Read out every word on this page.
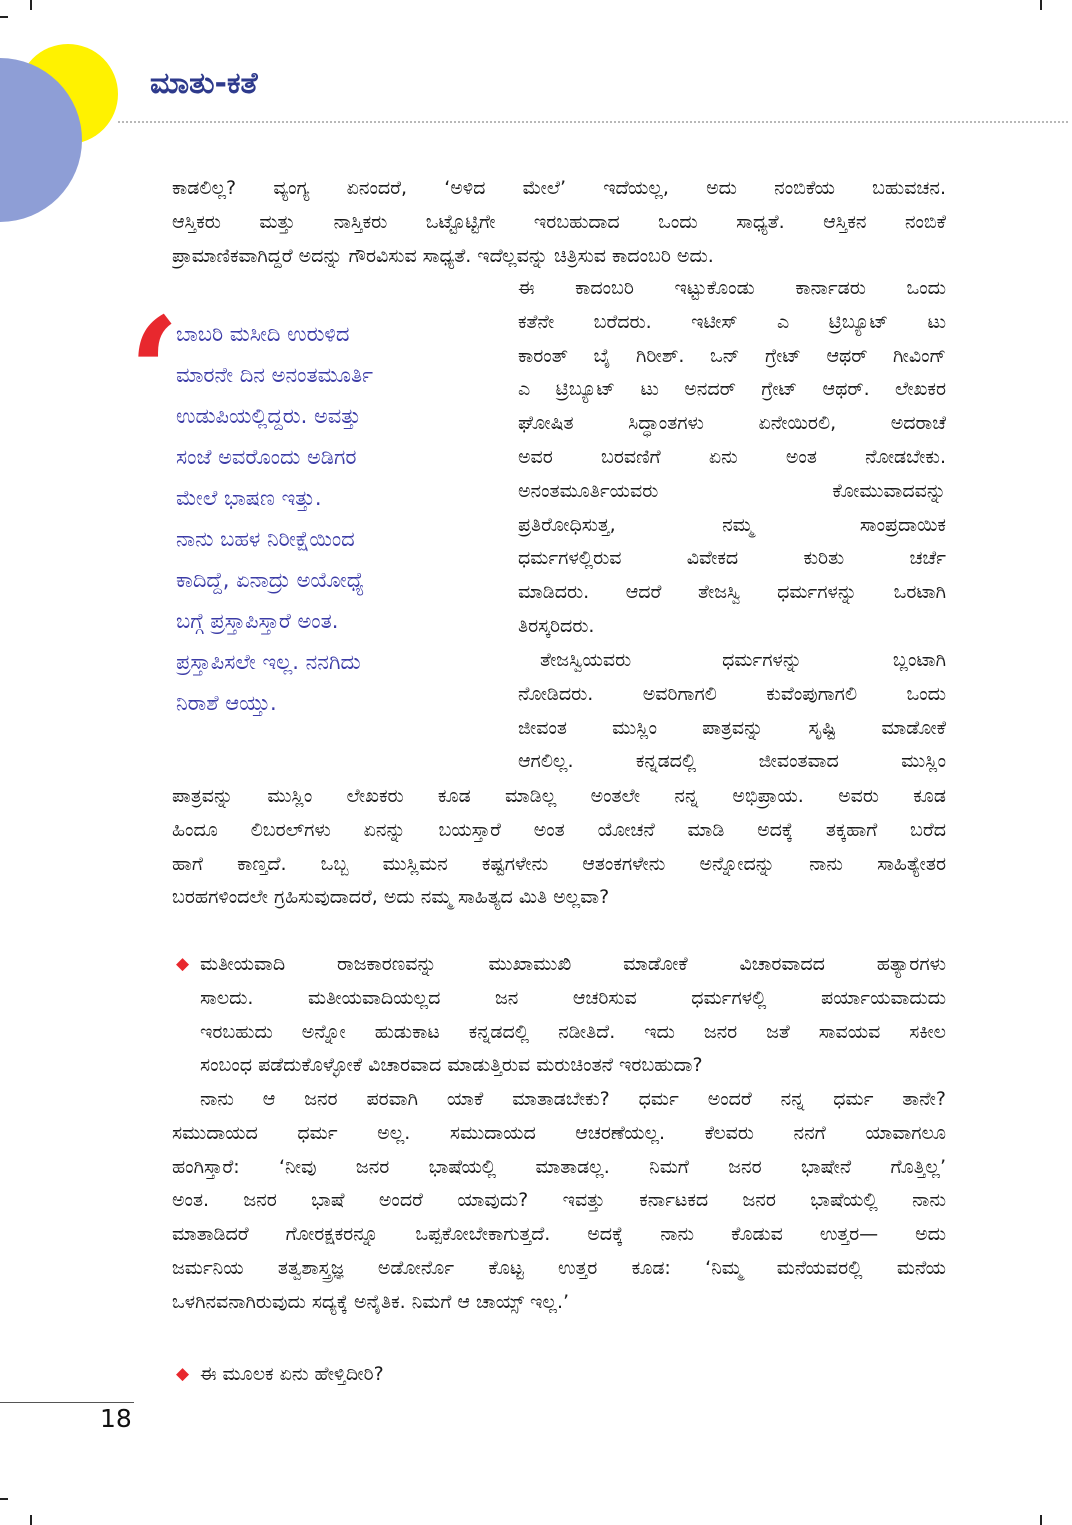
ಮಾತು-ಕತೆ
ಕಾಡಲಿಲ್ಲ? ವ್ಯಂಗ್ಯ ಏನಂದರೆ, ‘ಅಳಿದ ಮೇಲೆ’ ಇದೆಯಲ್ಲ, ಅದು ನಂಬಿಕೆಯ ಬಹುವಚನ.
ಆಸ್ತಿಕರು ಮತ್ತು ನಾಸ್ತಿಕರು ಒಟ್ಟೊಟ್ಟಿಗೇ ಇರಬಹುದಾದ ಒಂದು ಸಾಧ್ಯತೆ. ಆಸ್ತಿಕನ ನಂಬಿಕೆ
ಪ್ರಾಮಾಣಿಕವಾಗಿದ್ದರೆ ಅದನ್ನು ಗೌರವಿಸುವ ಸಾಧ್ಯತೆ. ಇದೆಲ್ಲವನ್ನು ಚಿತ್ರಿಸುವ ಕಾದಂಬರಿ ಅದು.
‘
ಬಾಬರಿ ಮಸೀದಿ ಉರುಳಿದ
ಮಾರನೇ ದಿನ ಅನಂತಮೂರ್ತಿ
ಉಡುಪಿಯಲ್ಲಿದ್ದರು. ಅವತ್ತು
ಸಂಜೆ ಅವರೊಂದು ಅಡಿಗರ
ಮೇಲೆ ಭಾಷಣ ಇತ್ತು.
ನಾನು ಬಹಳ ನಿರೀಕ್ಷೆಯಿಂದ
ಕಾದಿದ್ದೆ, ಏನಾದ್ರು ಅಯೋಧ್ಯೆ
ಬಗ್ಗೆ ಪ್ರಸ್ತಾಪಿಸ್ತಾರೆ ಅಂತ.
ಪ್ರಸ್ತಾಪಿಸಲೇ ಇಲ್ಲ. ನನಗಿದು
ನಿರಾಶೆ ಆಯ್ತು.
ಈ ಕಾದಂಬರಿ ಇಟ್ಟುಕೊಂಡು ಕಾರ್ನಾಡರು ಒಂದು
ಕತೆನೇ ಬರೆದರು. ಇಟೀಸ್ ಎ ಟ್ರಿಬ್ಯೂಟ್ ಟು
ಕಾರಂತ್ ಬೈ ಗಿರೀಶ್. ಒನ್ ಗ್ರೇಟ್ ಆಥರ್ ಗೀವಿಂಗ್
ಎ ಟ್ರಿಬ್ಯೂಟ್ ಟು ಅನದರ್ ಗ್ರೇಟ್ ಆಥರ್. ಲೇಖಕರ
ಘೋಷಿತ ಸಿದ್ಧಾಂತಗಳು ಏನೇಯಿರಲಿ, ಅದರಾಚೆ
ಅವರ ಬರವಣಿಗೆ ಏನು ಅಂತ ನೋಡಬೇಕು.
ಅನಂತಮೂರ್ತಿಯವರು ಕೋಮುವಾದವನ್ನು
ಪ್ರತಿರೋಧಿಸುತ್ತ, ನಮ್ಮ ಸಾಂಪ್ರದಾಯಿಕ
ಧರ್ಮಗಳಲ್ಲಿರುವ ವಿವೇಕದ ಕುರಿತು ಚರ್ಚೆ
ಮಾಡಿದರು. ಆದರೆ ತೇಜಸ್ವಿ ಧರ್ಮಗಳನ್ನು ಒರಟಾಗಿ
ತಿರಸ್ಕರಿದರು.
ತೇಜಸ್ವಿಯವರು ಧರ್ಮಗಳನ್ನು ಬ್ಲಂಟಾಗಿ
ನೋಡಿದರು. ಅವರಿಗಾಗಲಿ ಕುವೆಂಪುಗಾಗಲಿ ಒಂದು
ಜೀವಂತ ಮುಸ್ಲಿಂ ಪಾತ್ರವನ್ನು ಸೃಷ್ಟಿ ಮಾಡೋಕೆ
ಆಗಲಿಲ್ಲ. ಕನ್ನಡದಲ್ಲಿ ಜೀವಂತವಾದ ಮುಸ್ಲಿಂ
ಪಾತ್ರವನ್ನು ಮುಸ್ಲಿಂ ಲೇಖಕರು ಕೂಡ ಮಾಡಿಲ್ಲ ಅಂತಲೇ ನನ್ನ ಅಭಿಪ್ರಾಯ. ಅವರು ಕೂಡ
ಹಿಂದೂ ಲಿಬರಲ್‌ಗಳು ಏನನ್ನು ಬಯಸ್ತಾರೆ ಅಂತ ಯೋಚನೆ ಮಾಡಿ ಅದಕ್ಕೆ ತಕ್ಕಹಾಗೆ ಬರೆದ
ಹಾಗೆ ಕಾಣ್ತದೆ. ಒಬ್ಬ ಮುಸ್ಲಿಮನ ಕಷ್ಟಗಳೇನು ಆತಂಕಗಳೇನು ಅನ್ನೋದನ್ನು ನಾನು ಸಾಹಿತ್ಯೇತರ
ಬರಹಗಳಿಂದಲೇ ಗ್ರಹಿಸುವುದಾದರೆ, ಅದು ನಮ್ಮ ಸಾಹಿತ್ಯದ ಮಿತಿ ಅಲ್ಲವಾ?
◆ ಮತೀಯವಾದಿ ರಾಜಕಾರಣವನ್ನು ಮುಖಾಮುಖಿ ಮಾಡೋಕೆ ವಿಚಾರವಾದದ ಹತ್ಯಾರಗಳು
ಸಾಲದು. ಮತೀಯವಾದಿಯಲ್ಲದ ಜನ ಆಚರಿಸುವ ಧರ್ಮಗಳಲ್ಲಿ ಪರ್ಯಾಯವಾದುದು
ಇರಬಹುದು ಅನ್ನೋ ಹುಡುಕಾಟ ಕನ್ನಡದಲ್ಲಿ ನಡೀತಿದೆ. ಇದು ಜನರ ಜತೆ ಸಾವಯವ ಸಕೀಲ
ಸಂಬಂಧ ಪಡೆದುಕೊಳ್ಳೋಕೆ ವಿಚಾರವಾದ ಮಾಡುತ್ತಿರುವ ಮರುಚಿಂತನೆ ಇರಬಹುದಾ?
ನಾನು ಆ ಜನರ ಪರವಾಗಿ ಯಾಕೆ ಮಾತಾಡಬೇಕು? ಧರ್ಮ ಅಂದರೆ ನನ್ನ ಧರ್ಮ ತಾನೇ?
ಸಮುದಾಯದ ಧರ್ಮ ಅಲ್ಲ. ಸಮುದಾಯದ ಆಚರಣೆಯಲ್ಲ. ಕೆಲವರು ನನಗೆ ಯಾವಾಗಲೂ
ಹಂಗಿಸ್ತಾರೆ: ‘ನೀವು ಜನರ ಭಾಷೆಯಲ್ಲಿ ಮಾತಾಡಲ್ಲ. ನಿಮಗೆ ಜನರ ಭಾಷೇನೆ ಗೊತ್ತಿಲ್ಲ’
ಅಂತ. ಜನರ ಭಾಷೆ ಅಂದರೆ ಯಾವುದು? ಇವತ್ತು ಕರ್ನಾಟಕದ ಜನರ ಭಾಷೆಯಲ್ಲಿ ನಾನು
ಮಾತಾಡಿದರೆ ಗೋರಕ್ಷಕರನ್ನೂ ಒಪ್ಪಕೋಬೇಕಾಗುತ್ತದೆ. ಅದಕ್ಕೆ ನಾನು ಕೊಡುವ ಉತ್ತರ— ಅದು
ಜರ್ಮನಿಯ ತತ್ವಶಾಸ್ತ್ರಜ್ಞ ಅಡೋರ್ನೊ ಕೊಟ್ಟ ಉತ್ತರ ಕೂಡ: ‘ನಿಮ್ಮ ಮನೆಯವರಲ್ಲಿ ಮನೆಯ
ಒಳಗಿನವನಾಗಿರುವುದು ಸದ್ಯಕ್ಕೆ ಅನೈತಿಕ. ನಿಮಗೆ ಆ ಚಾಯ್ಸ್ ಇಲ್ಲ.’
◆ ಈ ಮೂಲಕ ಏನು ಹೇಳ್ತಿದೀರಿ?
18
